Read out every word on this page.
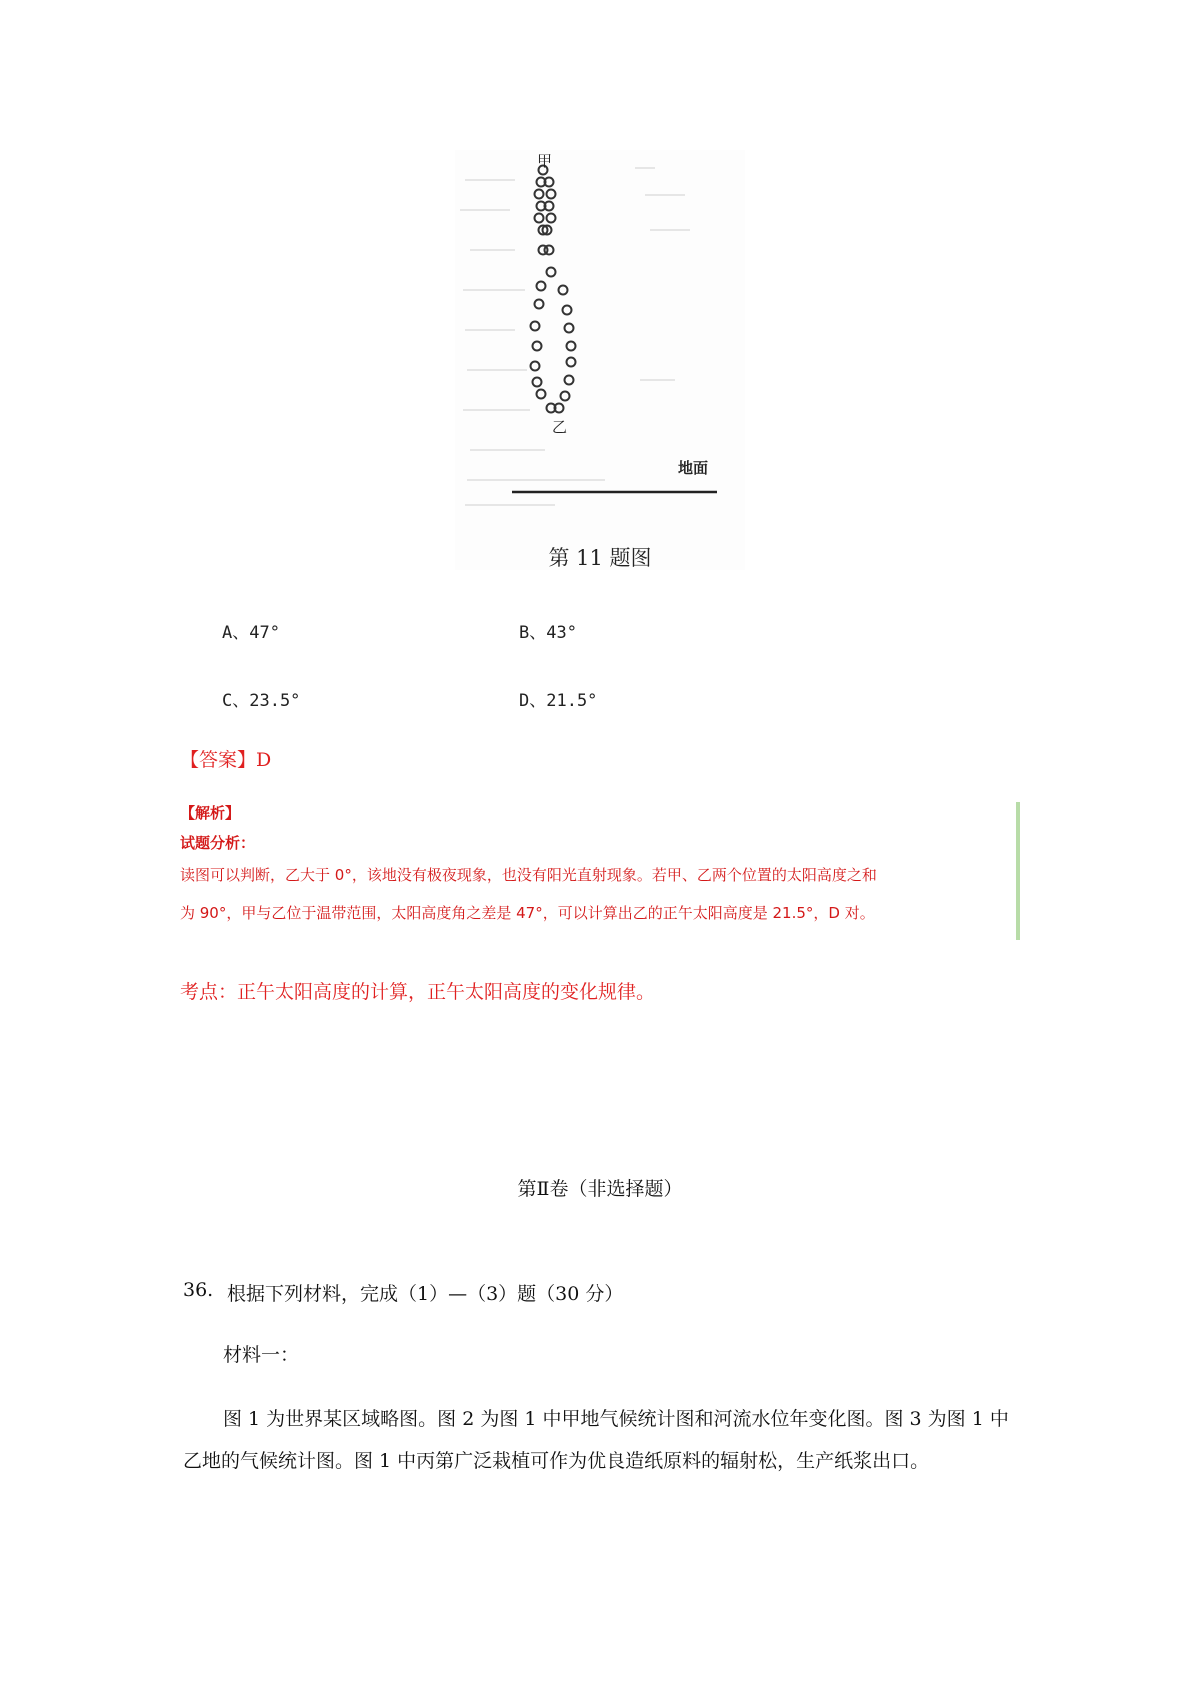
甲
乙
地面
第 11 题图
A、47°	B、43°
C、23.5°	D、21.5°
【答案】D
【解析】
试题分析：
读图可以判断，乙大于 0°，该地没有极夜现象，也没有阳光直射现象。若甲、乙两个位置的太阳高度之和
为 90°，甲与乙位于温带范围，太阳高度角之差是 47°，可以计算出乙的正午太阳高度是 21.5°，D 对。
考点：正午太阳高度的计算，正午太阳高度的变化规律。
第Ⅱ卷（非选择题）
36. 根据下列材料，完成（1）—（3）题（30 分）
材料一：
图 1 为世界某区域略图。图 2 为图 1 中甲地气候统计图和河流水位年变化图。图 3 为图 1 中乙地的气候统计图。图 1 中丙第广泛栽植可作为优良造纸原料的辐射松，生产纸浆出口。
